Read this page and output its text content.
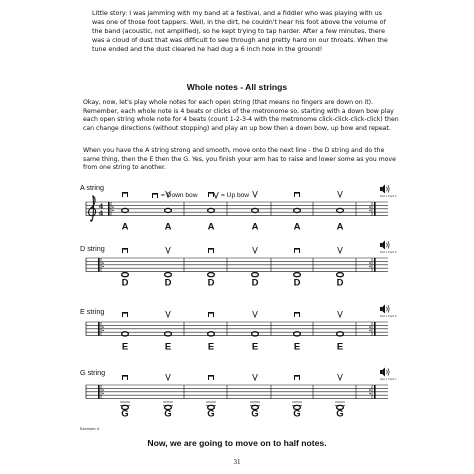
Little story: I was jamming with my band at a festival, and a fiddler who was playing with us was one of those foot tappers. Well, in the dirt, he couldn't hear his foot above the volume of the band (acoustic, not amplified), so he kept trying to tap harder. After a few minutes, there was a cloud of dust that was difficult to see through and pretty hard on our throats. When the tune ended and the dust cleared he had dug a 6 inch hole in the ground!
Whole notes - All strings
Okay, now, let's play whole notes for each open string (that means no fingers are down on it). Remember, each whole note is 4 beats or clicks of the metronome so, starting with a down bow play each open string whole note for 4 beats (count 1-2-3-4 with the metronome click-click-click-click) then can change directions (without stopping) and play an up bow then a down bow, up bow and repeat.
When you have the A string strong and smooth, move onto the next line - the D string and do the same thing, then the E then the G. Yes, you finish your arm has to raise and lower some as you move from one string to another.
A string
4
4
A	A	A	A	A	A
Disc 1 Track 4
= Down bow	= Up bow
D string
D	D	D	D	D	D
Disc 1 Track 5
E string
E	E	E	E	E	E
Disc 1 Track 6
G string
G	G	G	G	G	G
Disc 1 Track 7
Example 4
Now, we are going to move on to half notes.
31
